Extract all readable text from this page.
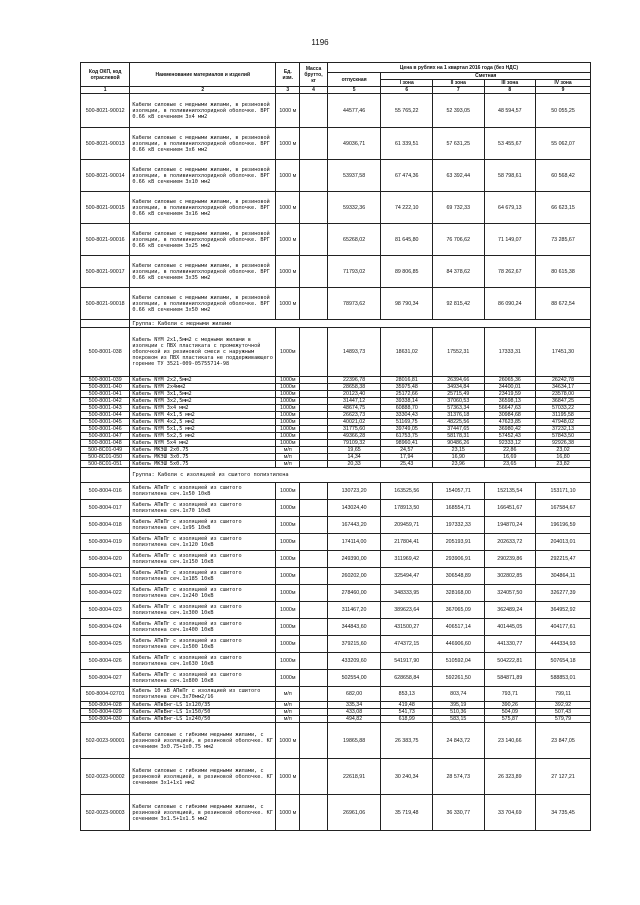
1196
Код ОКП, код отраслевой	Наименование материалов и изделий	Ед. изм.	Масса брутто, кг	Цена в рублях на 1 квартал 2016 года (без НДС)				
				отпускная	Сметная			
					I зона	II зона	III зона	IV зона
1	2	3	4	5	6	7	8	9
500-8021-90012	Кабели силовые с медными жилами, в резиновой изоляции, в поливинилхлоридной оболочке. ВРГ 0.66 кВ сечением 3х4 мм2	1000 м		44577,46	55 765,22	52 393,05	48 594,57	50 055,25
500-8021-90013	Кабели силовые с медными жилами, в резиновой изоляции, в поливинилхлоридной оболочке. ВРГ 0.66 кВ сечением 3х6 мм2	1000 м		49036,71	61 339,51	57 631,25	53 455,67	55 062,07
500-8021-90014	Кабели силовые с медными жилами, в резиновой изоляции, в поливинилхлоридной оболочке. ВРГ 0.66 кВ сечением 3х10 мм2	1000 м		53937,58	67 474,36	63 392,44	58 798,61	60 568,42
500-8021-90015	Кабели силовые с медными жилами, в резиновой изоляции, в поливинилхлоридной оболочке. ВРГ 0.66 кВ сечением 3х16 мм2	1000 м		59332,36	74 222,10	69 732,33	64 679,13	66 623,15
500-8021-90016	Кабели силовые с медными жилами, в резиновой изоляции, в поливинилхлоридной оболочке. ВРГ 0.66 кВ сечением 3х25 мм2	1000 м		65268,02	81 645,80	76 706,62	71 149,07	73 285,67
500-8021-90017	Кабели силовые с медными жилами, в резиновой изоляции, в поливинилхлоридной оболочке. ВРГ 0.66 кВ сечением 3х35 мм2	1000 м		71793,02	89 806,85	84 378,62	78 262,67	80 615,38
500-8021-90018	Кабели силовые с медными жилами, в резиновой изоляции, в поливинилхлоридной оболочке. ВРГ 0.66 кВ сечением 3х50 мм2	1000 м		78973,62	98 790,34	92 815,42	86 090,24	88 672,54
	Группа: Кабели с медными жилами							
500-8001-038	Кабель NYM 2х1,5мм2 с медными жилами в изоляции с ПВХ пластиката с промежуточной оболочкой из резиновой смеси с наружным покровом из ПВХ пластиката не поддерживающего горение ТУ 3521-009-05755714-98	1000м		14893,73	18631,02	17552,31	17333,31	17451,30
500-8001-039	Кабель NYM 2х2,5мм2	1000м		22396,78	28016,81	26394,66	26065,36	26242,78
500-8001-040	Кабель NYM 2х4мм2	1000м		28658,38	35975,48	34934,84	34400,01	34634,17
500-8001-041	Кабель NYM 3х1,5мм2	1000м		20123,40	25172,66	25715,49	23419,59	23578,00
500-8001-042	Кабель NYM 3х2,5мм2	1000м		31447,12	39338,14	37060,53	36598,13	36847,25
500-8001-043	Кабель NYM 3х4 мм2	1000м		48674,75	60888,70	57363,34	56647,63	57033,22
500-8001-044	Кабель NYM 4х1,5 мм2	1000м		26623,73	33304,43	31376,18	30984,68	31195,58
500-8001-045	Кабель NYM 4х2,5 мм2	1000м		40021,02	51169,75	48225,56	47623,85	47948,02
500-8001-046	Кабель NYM 5х1,5 мм2	1000м		31775,60	39749,05	37447,65	36980,42	37232,13
500-8001-047	Кабель NYM 5х2,5 мм2	1000м		49366,28	61753,75	58178,31	57452,43	57843,50
500-8001-048	Кабель NYM 5х4 мм2	1000м		79109,32	98960,41	90486,26	92333,12	92926,38
500-8С01-049	Кабель МКЭШ 2х0.75	м/п		19,65	24,57	23,15	22,86	23,02
500-8С01-050	Кабель МКЭШ 3х0.75	м/п		14,34	17,94	16,90	16,69	16,80
500-8С01-051	Кабель МКЭШ 5х0.75	м/п		20,33	25,43	23,96	23,65	23,82
	Группа: Кабели с изоляцией из сшитого полиэтилена							
500-8004-016	Кабель АПвПг с изоляцией из сшитого полиэтилена сеч.1х50 10кВ	1000м		130723,20	163525,56	154057,71	152135,54	153171,10
500-8004-017	Кабель АПвПг с изоляцией из сшитого полиэтилена сеч.1х70 10кВ	1000м		143024,40	178913,50	168554,71	166451,67	167584,67
500-8004-018	Кабель АПвПг с изоляцией из сшитого полиэтилена сеч.1х95 10кВ	1000м		167443,20	209459,71	197332,33	194870,24	196196,59
500-8004-019	Кабель АПвПг с изоляцией из сшитого полиэтилена сеч.1х120 10кВ	1000м		174114,00	217804,41	205193,91	202633,72	204013,01
500-8004-020	Кабель АПвПг с изоляцией из сшитого полиэтилена сеч.1х150 10кВ	1000м		249390,00	311969,42	293906,91	290239,86	292215,47
500-8004-021	Кабель АПвПг с изоляцией из сшитого полиэтилена сеч.1х185 10кВ	1000м		260202,00	325494,47	306548,89	302802,85	304864,11
500-8004-022	Кабель АПвПг с изоляцией из сшитого полиэтилена сеч.1х240 10кВ	1000м		278460,00	348333,95	328168,00	324057,50	326277,39
500-8004-023	Кабель АПвПг с изоляцией из сшитого полиэтилена сеч.1х300 10кВ	1000м		311467,20	389623,64	367065,09	362489,24	364952,92
500-8004-024	Кабель АПвПг с изоляцией из сшитого полиэтилена сеч.1х400 10кВ	1000м		344843,60	431500,27	406517,14	401445,05	404177,61
500-8004-025	Кабель АПвПг с изоляцией из сшитого полиэтилена сеч.1х500 10кВ	1000м		379215,60	474372,15	446906,60	441330,77	444334,93
500-8004-026	Кабель АПвПг с изоляцией из сшитого полиэтилена сеч.1х630 10кВ	1000м		433209,60	541917,90	510592,04	504222,81	507654,18
500-8004-027	Кабель АПвПг с изоляцией из сшитого полиэтилена сеч.1х800 10кВ	1000м		502554,00	628658,84	592261,50	584871,89	588853,01
500-8004-02701	Кабель 10 кВ АПвПг с изоляцией из сшитого полиэтилена сеч.3х70мм2/16	м/п		682,00	853,13	803,74	793,71	799,11
500-8004-028	Кабель АПвВнг-LS 1х120/35	м/п		335,34	419,48	395,19	390,26	392,92
500-8004-029	Кабель АПвВнг-LS 1х150/50	м/п		433,08	541,73	510,36	504,09	507,43
500-8004-030	Кабель АПвВнг-LS 1х240/50	м/п		494,82	618,99	583,15	575,87	579,79
502-0023-90001	Кабели силовые с гибкими медными жилами, с резиновой изоляцией, в резиновой оболочке. КГ сечением 3х0.75+1х0.75 мм2	1000 м		19865,88	26 383,75	24 843,72	23 140,66	23 847,05
502-0023-90002	Кабели силовые с гибкими медными жилами, с резиновой изоляцией, в резиновой оболочке. КГ сечением 3х1+1х1 мм2	1000 м		22618,91	30 240,34	28 574,73	26 323,89	27 127,21
502-0023-90003	Кабели силовые с гибкими медными жилами, с резиновой изоляцией, в резиновой оболочке. КГ сечением 3х1.5+1х1.5 мм2	1000 м		26961,06	35 719,48	36 330,77	33 704,69	34 735,45
